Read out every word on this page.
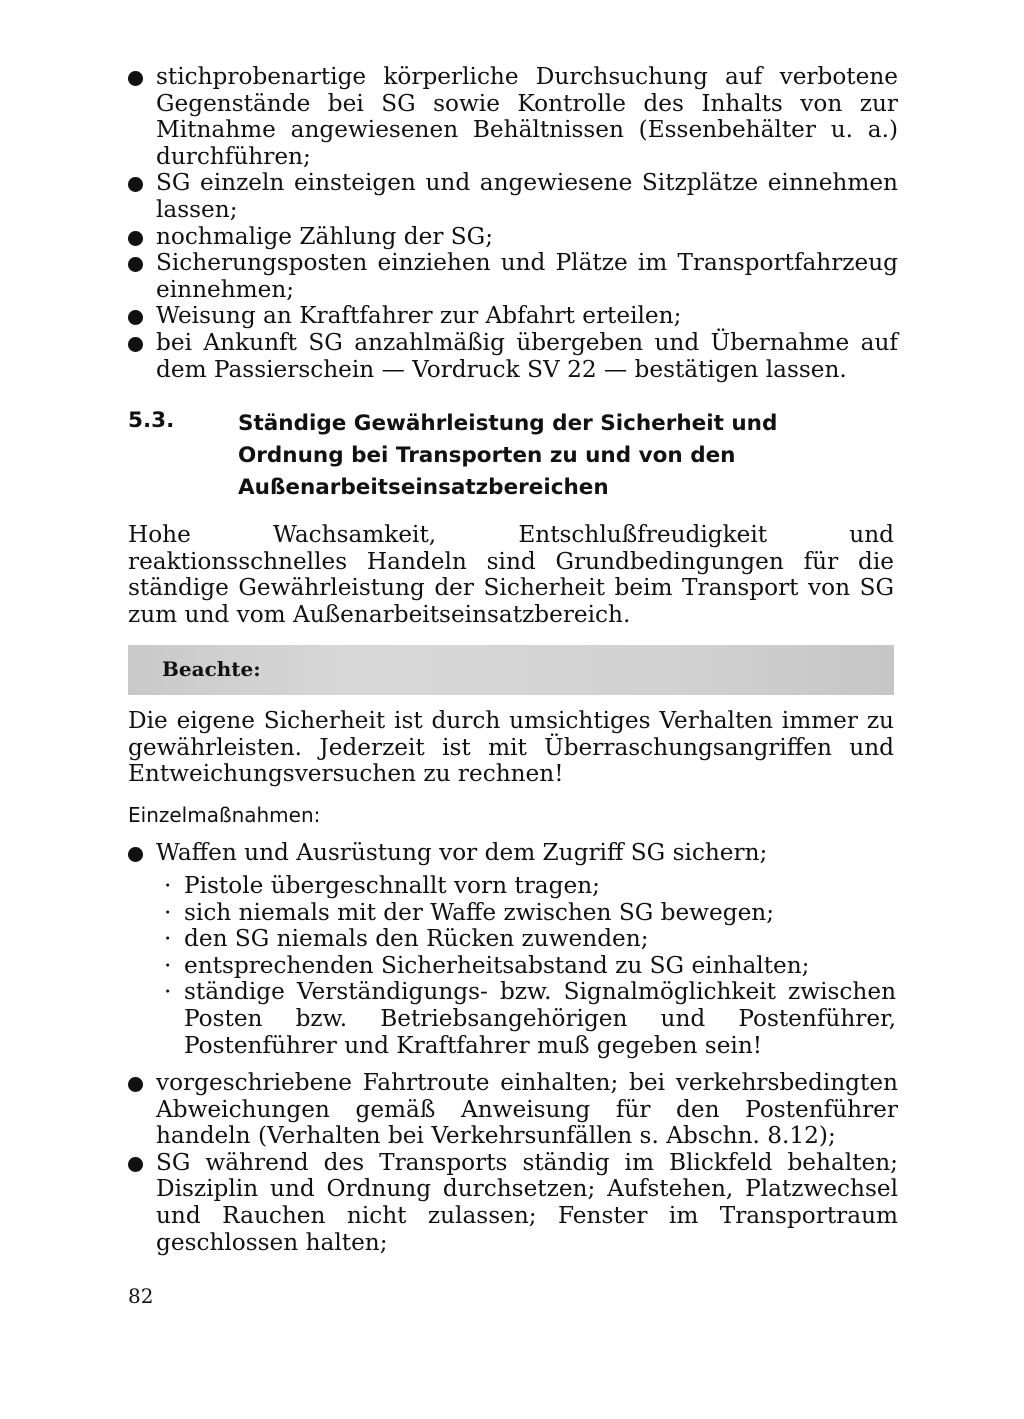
stichprobenartige körperliche Durchsuchung auf verbotene Gegenstände bei SG sowie Kontrolle des Inhalts von zur Mitnahme angewiesenen Behältnissen (Essenbehälter u. a.) durchführen;
SG einzeln einsteigen und angewiesene Sitzplätze einnehmen lassen;
nochmalige Zählung der SG;
Sicherungsposten einziehen und Plätze im Transportfahrzeug einnehmen;
Weisung an Kraftfahrer zur Abfahrt erteilen;
bei Ankunft SG anzahlmäßig übergeben und Übernahme auf dem Passierschein — Vordruck SV 22 — bestätigen lassen.
5.3.	Ständige Gewährleistung der Sicherheit und Ordnung bei Transporten zu und von den Außenarbeitseinsatzbereichen

Hohe Wachsamkeit, Entschlußfreudigkeit und reaktionsschnelles Handeln sind Grundbedingungen für die ständige Gewährleistung der Sicherheit beim Transport von SG zum und vom Außenarbeitseinsatzbereich.

Beachte:

Die eigene Sicherheit ist durch umsichtiges Verhalten immer zu gewährleisten. Jederzeit ist mit Überraschungsangriffen und Entweichungsversuchen zu rechnen!

Einzelmaßnahmen:
Waffen und Ausrüstung vor dem Zugriff SG sichern;
· Pistole übergeschnallt vorn tragen;
· sich niemals mit der Waffe zwischen SG bewegen;
· den SG niemals den Rücken zuwenden;
· entsprechenden Sicherheitsabstand zu SG einhalten;
· ständige Verständigungs- bzw. Signalmöglichkeit zwischen Posten bzw. Betriebsangehörigen und Postenführer, Postenführer und Kraftfahrer muß gegeben sein!
vorgeschriebene Fahrtroute einhalten; bei verkehrsbedingten Abweichungen gemäß Anweisung für den Postenführer handeln (Verhalten bei Verkehrsunfällen s. Abschn. 8.12);
SG während des Transports ständig im Blickfeld behalten; Disziplin und Ordnung durchsetzen; Aufstehen, Platzwechsel und Rauchen nicht zulassen; Fenster im Transportraum geschlossen halten;
82
